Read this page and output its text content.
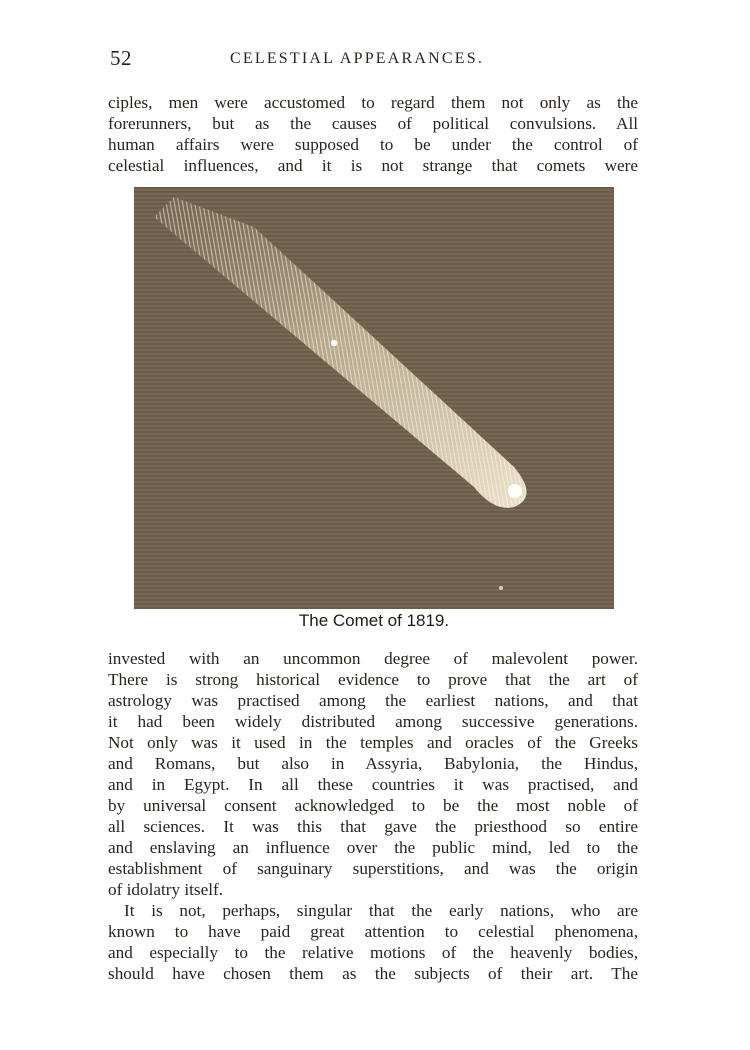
52	CELESTIAL APPEARANCES.
ciples, men were accustomed to regard them not only as the
forerunners, but as the causes of political convulsions. All
human affairs were supposed to be under the control of
celestial influences, and it is not strange that comets were
The Comet of 1819.
invested with an uncommon degree of malevolent power.
There is strong historical evidence to prove that the art of
astrology was practised among the earliest nations, and that
it had been widely distributed among successive generations.
Not only was it used in the temples and oracles of the Greeks
and Romans, but also in Assyria, Babylonia, the Hindus,
and in Egypt. In all these countries it was practised, and
by universal consent acknowledged to be the most noble of
all sciences. It was this that gave the priesthood so entire
and enslaving an influence over the public mind, led to the
establishment of sanguinary superstitions, and was the origin
of idolatry itself.
It is not, perhaps, singular that the early nations, who are
known to have paid great attention to celestial phenomena,
and especially to the relative motions of the heavenly bodies,
should have chosen them as the subjects of their art. The
